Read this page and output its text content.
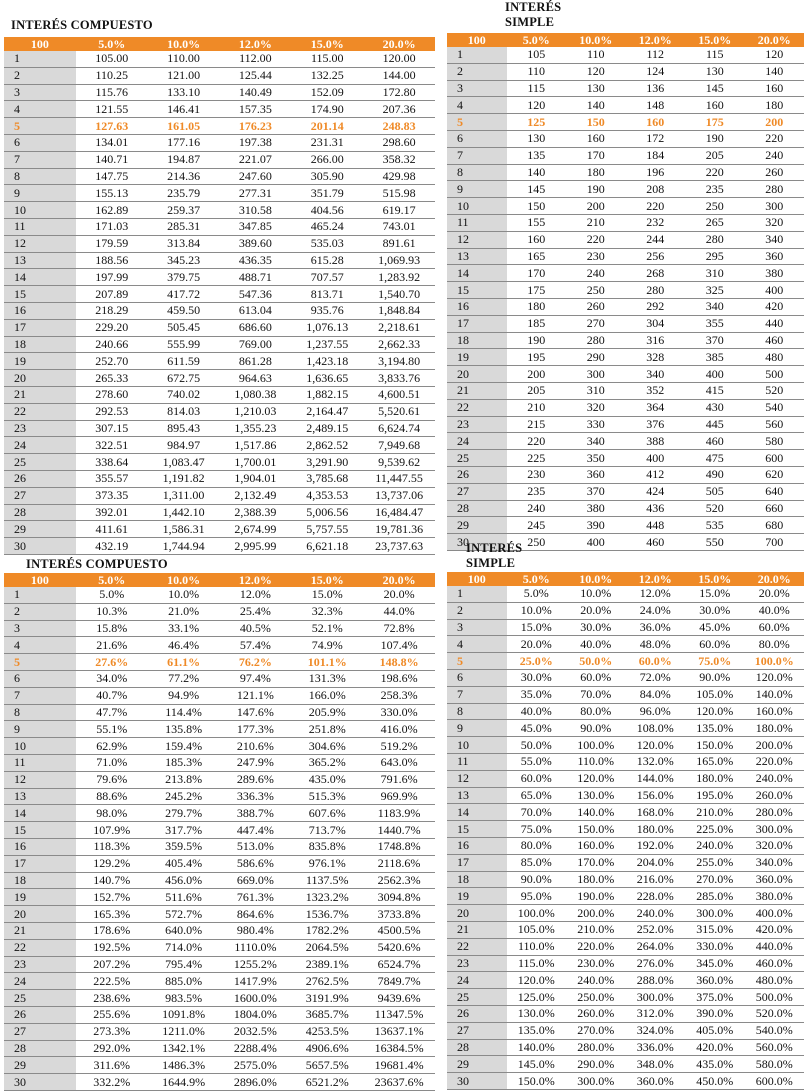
INTERÉS COMPUESTO
100	5.0%	10.0%	12.0%	15.0%	20.0%
1	105.00	110.00	112.00	115.00	120.00
2	110.25	121.00	125.44	132.25	144.00
3	115.76	133.10	140.49	152.09	172.80
4	121.55	146.41	157.35	174.90	207.36
5	127.63	161.05	176.23	201.14	248.83
6	134.01	177.16	197.38	231.31	298.60
7	140.71	194.87	221.07	266.00	358.32
8	147.75	214.36	247.60	305.90	429.98
9	155.13	235.79	277.31	351.79	515.98
10	162.89	259.37	310.58	404.56	619.17
11	171.03	285.31	347.85	465.24	743.01
12	179.59	313.84	389.60	535.03	891.61
13	188.56	345.23	436.35	615.28	1,069.93
14	197.99	379.75	488.71	707.57	1,283.92
15	207.89	417.72	547.36	813.71	1,540.70
16	218.29	459.50	613.04	935.76	1,848.84
17	229.20	505.45	686.60	1,076.13	2,218.61
18	240.66	555.99	769.00	1,237.55	2,662.33
19	252.70	611.59	861.28	1,423.18	3,194.80
20	265.33	672.75	964.63	1,636.65	3,833.76
21	278.60	740.02	1,080.38	1,882.15	4,600.51
22	292.53	814.03	1,210.03	2,164.47	5,520.61
23	307.15	895.43	1,355.23	2,489.15	6,624.74
24	322.51	984.97	1,517.86	2,862.52	7,949.68
25	338.64	1,083.47	1,700.01	3,291.90	9,539.62
26	355.57	1,191.82	1,904.01	3,785.68	11,447.55
27	373.35	1,311.00	2,132.49	4,353.53	13,737.06
28	392.01	1,442.10	2,388.39	5,006.56	16,484.47
29	411.61	1,586.31	2,674.99	5,757.55	19,781.36
30	432.19	1,744.94	2,995.99	6,621.18	23,737.63
INTERÉS
SIMPLE
100	5.0%	10.0%	12.0%	15.0%	20.0%
1	105	110	112	115	120
2	110	120	124	130	140
3	115	130	136	145	160
4	120	140	148	160	180
5	125	150	160	175	200
6	130	160	172	190	220
7	135	170	184	205	240
8	140	180	196	220	260
9	145	190	208	235	280
10	150	200	220	250	300
11	155	210	232	265	320
12	160	220	244	280	340
13	165	230	256	295	360
14	170	240	268	310	380
15	175	250	280	325	400
16	180	260	292	340	420
17	185	270	304	355	440
18	190	280	316	370	460
19	195	290	328	385	480
20	200	300	340	400	500
21	205	310	352	415	520
22	210	320	364	430	540
23	215	330	376	445	560
24	220	340	388	460	580
25	225	350	400	475	600
26	230	360	412	490	620
27	235	370	424	505	640
28	240	380	436	520	660
29	245	390	448	535	680
30	250	400	460	550	700
INTERÉS COMPUESTO
100	5.0%	10.0%	12.0%	15.0%	20.0%
1	5.0%	10.0%	12.0%	15.0%	20.0%
2	10.3%	21.0%	25.4%	32.3%	44.0%
3	15.8%	33.1%	40.5%	52.1%	72.8%
4	21.6%	46.4%	57.4%	74.9%	107.4%
5	27.6%	61.1%	76.2%	101.1%	148.8%
6	34.0%	77.2%	97.4%	131.3%	198.6%
7	40.7%	94.9%	121.1%	166.0%	258.3%
8	47.7%	114.4%	147.6%	205.9%	330.0%
9	55.1%	135.8%	177.3%	251.8%	416.0%
10	62.9%	159.4%	210.6%	304.6%	519.2%
11	71.0%	185.3%	247.9%	365.2%	643.0%
12	79.6%	213.8%	289.6%	435.0%	791.6%
13	88.6%	245.2%	336.3%	515.3%	969.9%
14	98.0%	279.7%	388.7%	607.6%	1183.9%
15	107.9%	317.7%	447.4%	713.7%	1440.7%
16	118.3%	359.5%	513.0%	835.8%	1748.8%
17	129.2%	405.4%	586.6%	976.1%	2118.6%
18	140.7%	456.0%	669.0%	1137.5%	2562.3%
19	152.7%	511.6%	761.3%	1323.2%	3094.8%
20	165.3%	572.7%	864.6%	1536.7%	3733.8%
21	178.6%	640.0%	980.4%	1782.2%	4500.5%
22	192.5%	714.0%	1110.0%	2064.5%	5420.6%
23	207.2%	795.4%	1255.2%	2389.1%	6524.7%
24	222.5%	885.0%	1417.9%	2762.5%	7849.7%
25	238.6%	983.5%	1600.0%	3191.9%	9439.6%
26	255.6%	1091.8%	1804.0%	3685.7%	11347.5%
27	273.3%	1211.0%	2032.5%	4253.5%	13637.1%
28	292.0%	1342.1%	2288.4%	4906.6%	16384.5%
29	311.6%	1486.3%	2575.0%	5657.5%	19681.4%
30	332.2%	1644.9%	2896.0%	6521.2%	23637.6%
INTERÉS
SIMPLE
100	5.0%	10.0%	12.0%	15.0%	20.0%
1	5.0%	10.0%	12.0%	15.0%	20.0%
2	10.0%	20.0%	24.0%	30.0%	40.0%
3	15.0%	30.0%	36.0%	45.0%	60.0%
4	20.0%	40.0%	48.0%	60.0%	80.0%
5	25.0%	50.0%	60.0%	75.0%	100.0%
6	30.0%	60.0%	72.0%	90.0%	120.0%
7	35.0%	70.0%	84.0%	105.0%	140.0%
8	40.0%	80.0%	96.0%	120.0%	160.0%
9	45.0%	90.0%	108.0%	135.0%	180.0%
10	50.0%	100.0%	120.0%	150.0%	200.0%
11	55.0%	110.0%	132.0%	165.0%	220.0%
12	60.0%	120.0%	144.0%	180.0%	240.0%
13	65.0%	130.0%	156.0%	195.0%	260.0%
14	70.0%	140.0%	168.0%	210.0%	280.0%
15	75.0%	150.0%	180.0%	225.0%	300.0%
16	80.0%	160.0%	192.0%	240.0%	320.0%
17	85.0%	170.0%	204.0%	255.0%	340.0%
18	90.0%	180.0%	216.0%	270.0%	360.0%
19	95.0%	190.0%	228.0%	285.0%	380.0%
20	100.0%	200.0%	240.0%	300.0%	400.0%
21	105.0%	210.0%	252.0%	315.0%	420.0%
22	110.0%	220.0%	264.0%	330.0%	440.0%
23	115.0%	230.0%	276.0%	345.0%	460.0%
24	120.0%	240.0%	288.0%	360.0%	480.0%
25	125.0%	250.0%	300.0%	375.0%	500.0%
26	130.0%	260.0%	312.0%	390.0%	520.0%
27	135.0%	270.0%	324.0%	405.0%	540.0%
28	140.0%	280.0%	336.0%	420.0%	560.0%
29	145.0%	290.0%	348.0%	435.0%	580.0%
30	150.0%	300.0%	360.0%	450.0%	600.0%
